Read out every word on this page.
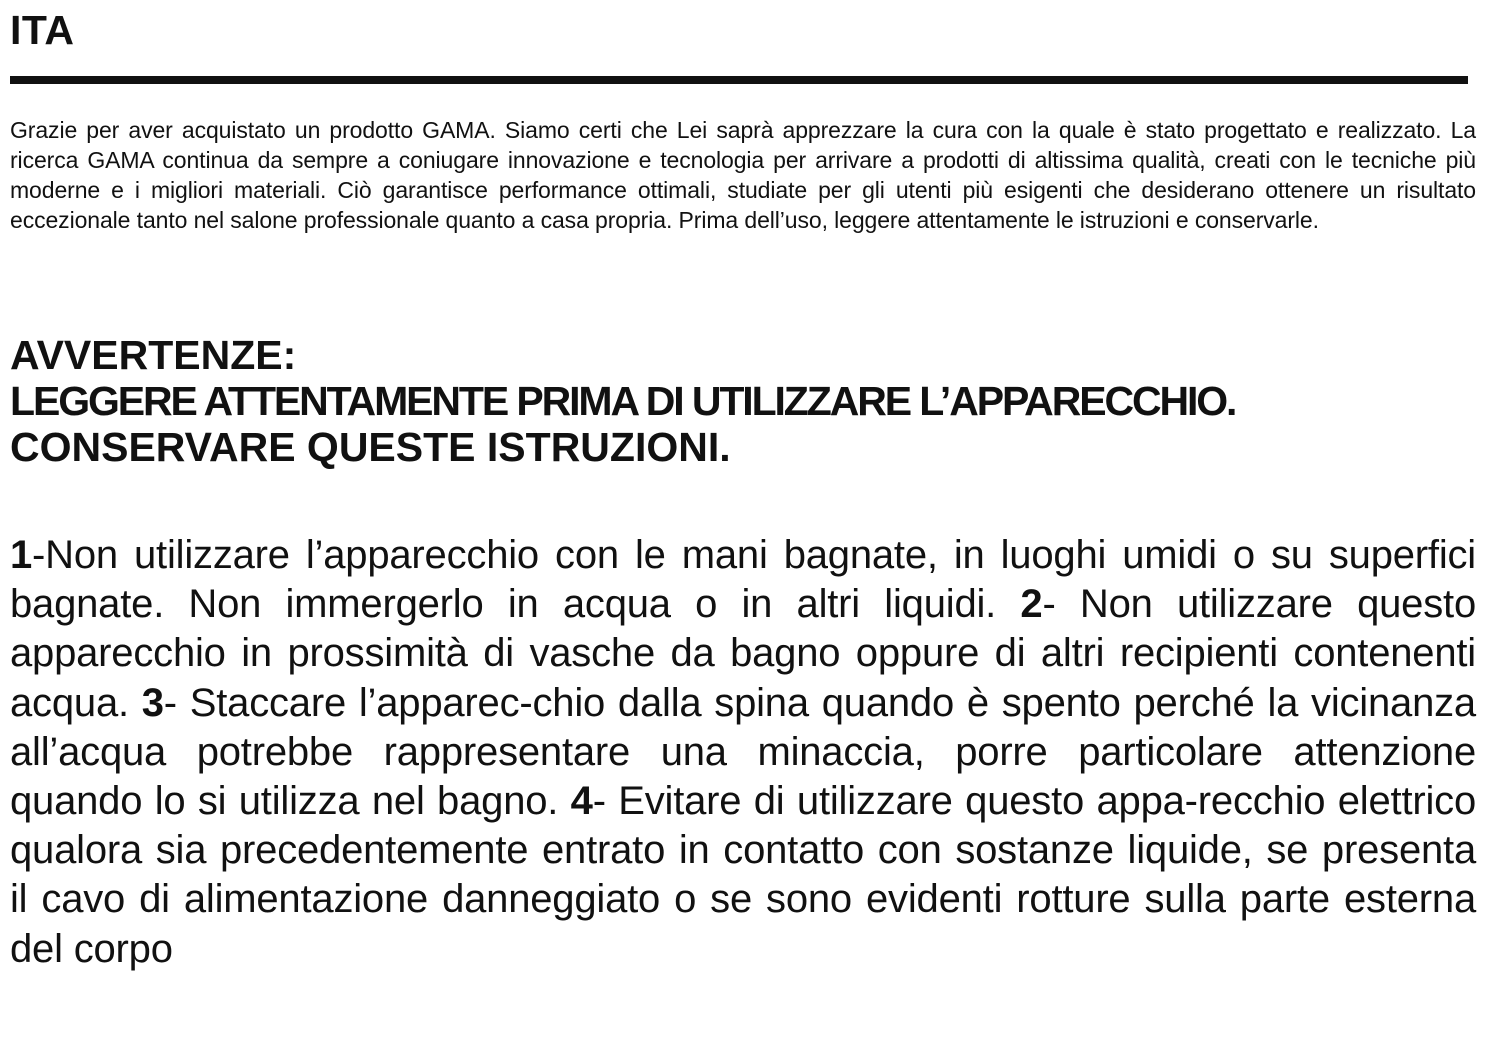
ITA

Grazie per aver acquistato un prodotto GAMA. Siamo certi che Lei saprà apprezzare la cura con la quale è stato progettato e realizzato. La ricerca GAMA continua da sempre a coniugare innovazione e tecnologia per arrivare a prodotti di altissima qualità, creati con le tecniche più moderne e i migliori materiali. Ciò garantisce performance ottimali, studiate per gli utenti più esigenti che desiderano ottenere un risultato eccezionale tanto nel salone professionale quanto a casa propria. Prima dell’uso, leggere attentamente le istruzioni e conservarle.

AVVERTENZE:
LEGGERE ATTENTAMENTE PRIMA DI UTILIZZARE L’APPARECCHIO.
CONSERVARE QUESTE ISTRUZIONI.

1-Non utilizzare l’apparecchio con le mani bagnate, in luoghi umidi o su superfici bagnate. Non immergerlo in acqua o in altri liquidi. 2- Non utilizzare questo apparecchio in prossimità di vasche da bagno oppure di altri recipienti contenenti acqua. 3- Staccare l’apparec-chio dalla spina quando è spento perché la vicinanza all’acqua potrebbe rappresentare una minaccia, porre particolare attenzione quando lo si utilizza nel bagno. 4- Evitare di utilizzare questo appa-recchio elettrico qualora sia precedentemente entrato in contatto con sostanze liquide, se presenta il cavo di alimentazione danneggiato o se sono evidenti rotture sulla parte esterna del corpo
